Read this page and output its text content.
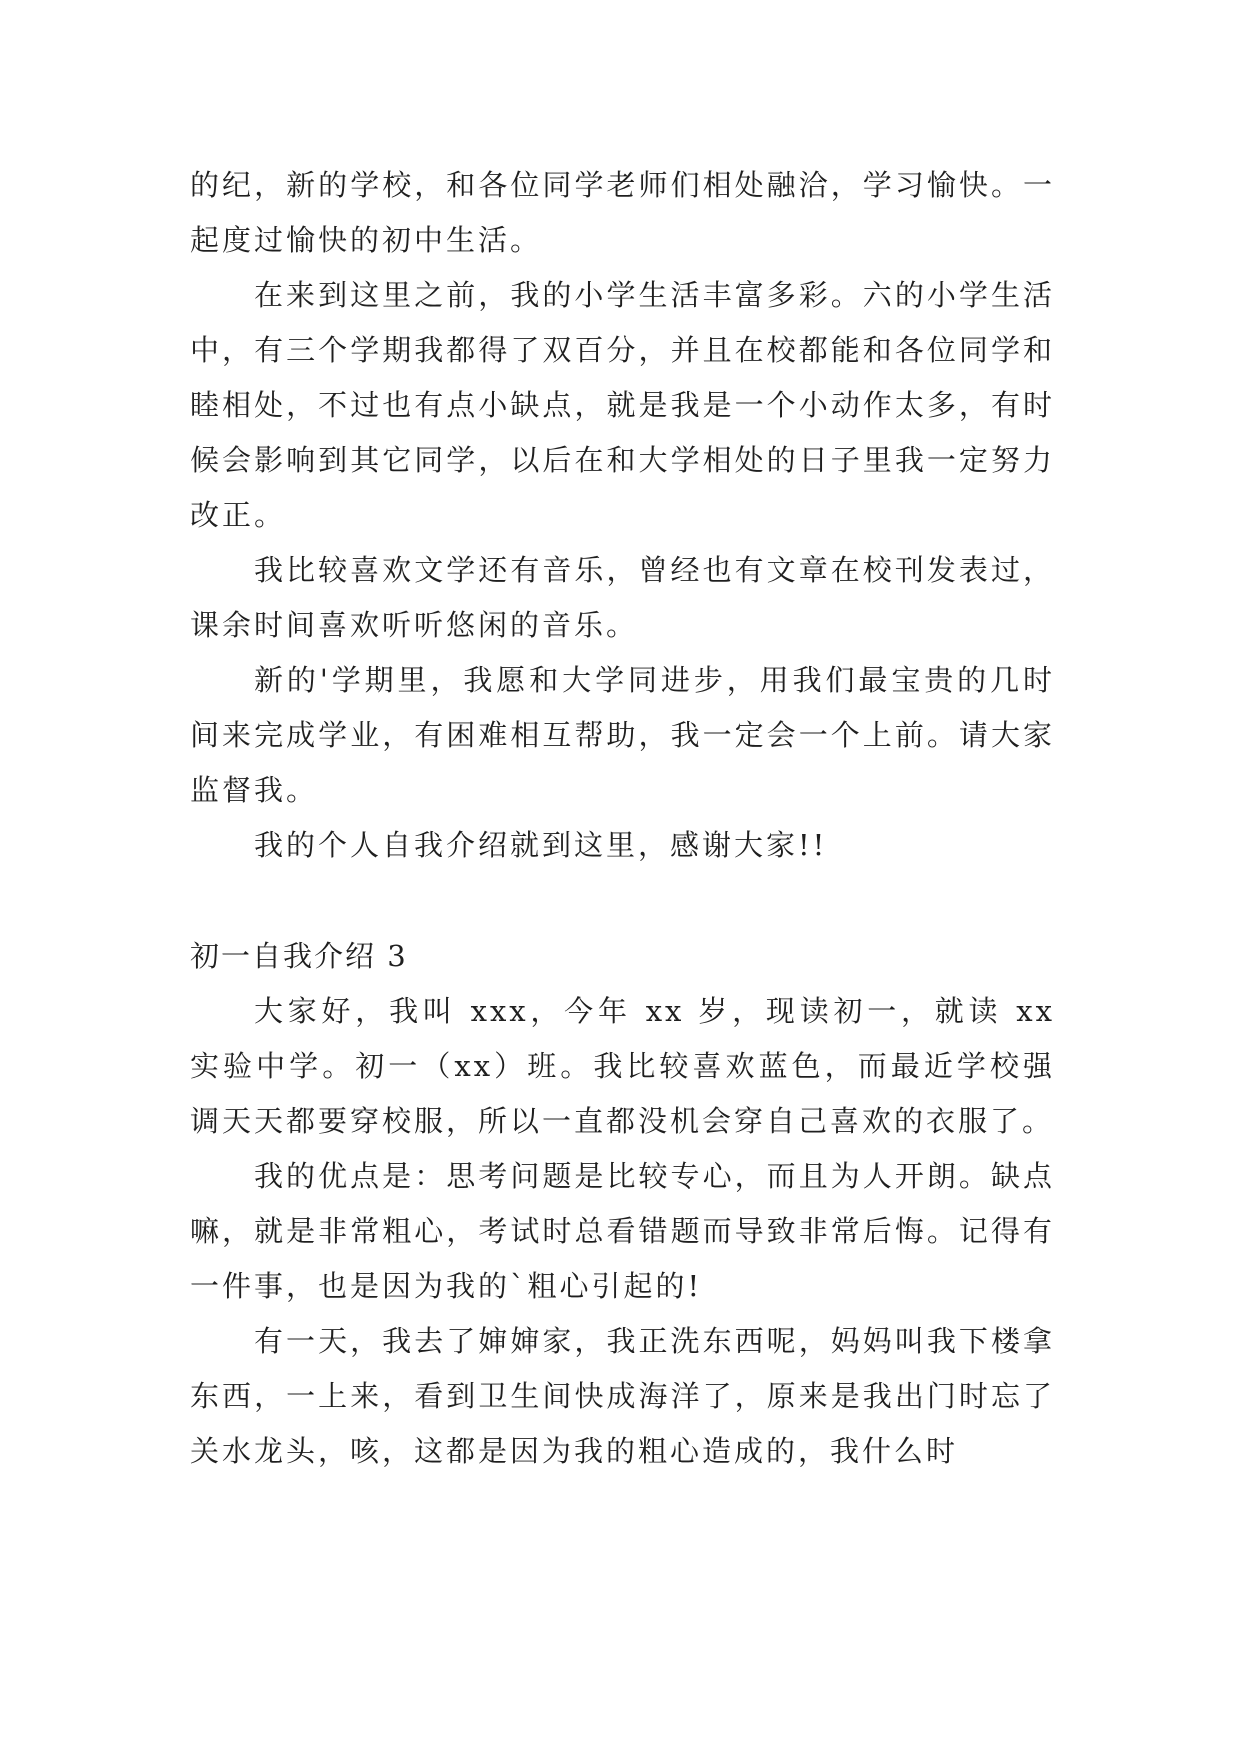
的纪，新的学校，和各位同学老师们相处融洽，学习愉快。一起度过愉快的初中生活。

在来到这里之前，我的小学生活丰富多彩。六的小学生活中，有三个学期我都得了双百分，并且在校都能和各位同学和睦相处，不过也有点小缺点，就是我是一个小动作太多，有时候会影响到其它同学，以后在和大学相处的日子里我一定努力改正。

我比较喜欢文学还有音乐，曾经也有文章在校刊发表过，课余时间喜欢听听悠闲的音乐。

新的'学期里，我愿和大学同进步，用我们最宝贵的几时间来完成学业，有困难相互帮助，我一定会一个上前。请大家监督我。

我的个人自我介绍就到这里，感谢大家!!

初一自我介绍 3

大家好，我叫 xxx，今年 xx 岁，现读初一，就读 xx 实验中学。初一（xx）班。我比较喜欢蓝色，而最近学校强调天天都要穿校服，所以一直都没机会穿自己喜欢的衣服了。

我的优点是：思考问题是比较专心，而且为人开朗。缺点嘛，就是非常粗心，考试时总看错题而导致非常后悔。记得有一件事，也是因为我的`粗心引起的!

有一天，我去了婶婶家，我正洗东西呢，妈妈叫我下楼拿东西，一上来，看到卫生间快成海洋了，原来是我出门时忘了关水龙头，咳，这都是因为我的粗心造成的，我什么时
